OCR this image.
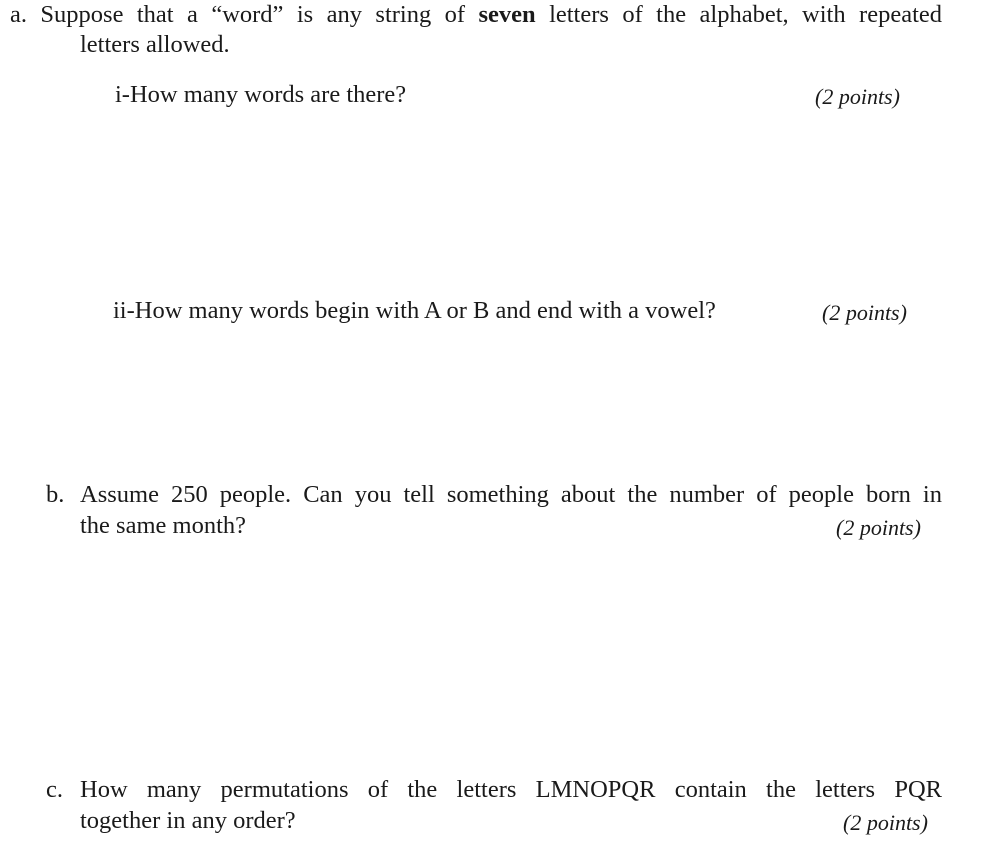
a. Suppose that a “word” is any string of seven letters of the alphabet, with repeated
letters allowed.
i-How many words are there?	(2 points)
ii-How many words begin with A or B and end with a vowel?	(2 points)
b. Assume 250 people. Can you tell something about the number of people born in
the same month?	(2 points)
c. How many permutations of the letters LMNOPQR contain the letters PQR
together in any order?	(2 points)
